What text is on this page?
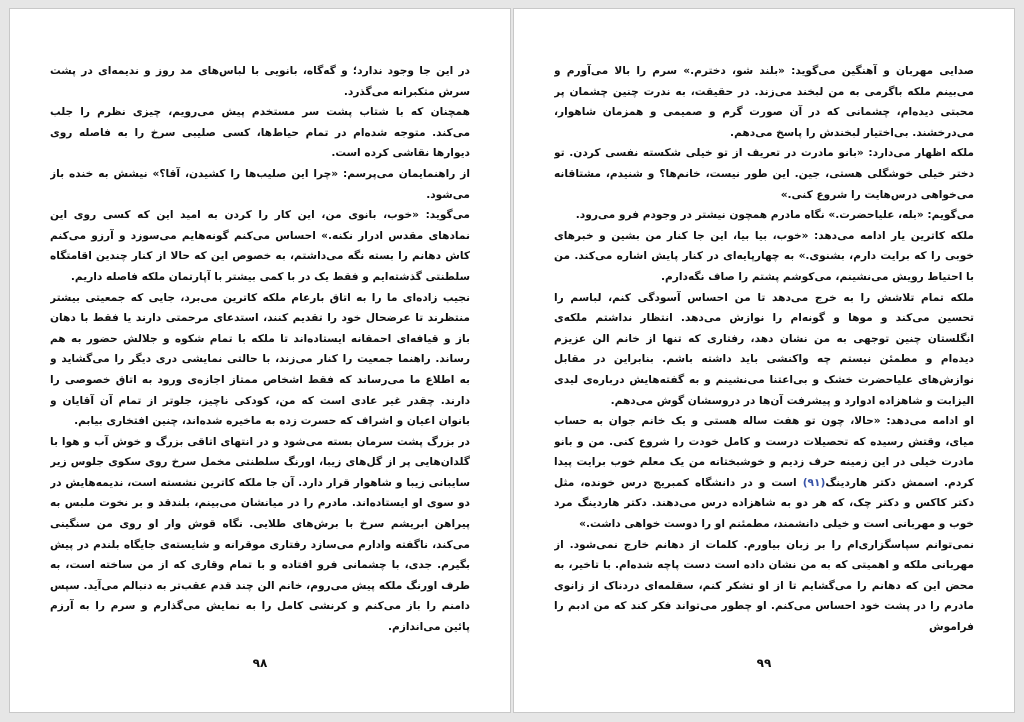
در این جا وجود ندارد؛ و گه‌گاه، بانویی با لباس‌های مد روز و ندیمه‌ای در پشت سرش متکبرانه می‌گذرد.

همچنان که با شتاب پشت سر مستخدم پیش می‌رویم، چیزی نظرم را جلب می‌کند. متوجه شده‌ام در تمام حیاط‌ها، کسی صلیبی سرخ را به فاصله روی دیوارها نقاشی کرده است.

از راهنمایمان می‌پرسم: «چرا این صلیب‌ها را کشیدن، آقا؟» نیشش به خنده باز می‌شود.

می‌گوید: «خوب، بانوی من، این کار را کردن به امید این که کسی روی این نمادهای مقدس ادرار نکنه.» احساس می‌کنم گونه‌هایم می‌سوزد و آرزو می‌کنم کاش دهانم را بسته نگه می‌داشتم، به خصوص این که حالا از کنار چندین اقامتگاه سلطنتی گذشته‌ایم و فقط یک در با کمی بیشتر با آپارتمان ملکه فاصله داریم.

نجیب زاده‌ای ما را به اتاق بارعام ملکه کاترین می‌برد، جایی که جمعیتی بیشتر منتظرند تا عرضحال خود را تقدیم کنند، استدعای مرحمتی دارند یا فقط با دهان باز و قیافه‌ای احمقانه ایستاده‌اند تا ملکه با تمام شکوه و جلالش حضور به هم رساند. راهنما جمعیت را کنار می‌زند، با حالتی نمایشی دری دیگر را می‌گشاید و به اطلاع ما می‌رساند که فقط اشخاص ممتاز اجازه‌ی ورود به اتاق خصوصی را دارند. چقدر غیر عادی است که من، کودکی ناچیز، جلوتر از تمام آن آقایان و بانوان اعیان و اشراف که حسرت زده به ماخیره شده‌اند، چنین افتخاری بیابم.

در بزرگ پشت سرمان بسته می‌شود و در انتهای اتاقی بزرگ و خوش آب و هوا با گلدان‌هایی پر از گل‌های زیبا، اورنگ سلطنتی مخمل سرخ روی سکوی جلوس زیر سایبانی زیبا و شاهوار قرار دارد. آن جا ملکه کاترین نشسته است، ندیمه‌هایش در دو سوی او ایستاده‌اند. مادرم را در میانشان می‌بینم، بلندقد و بر نخوت ملبس به پیراهن ابریشم سرخ با برش‌های طلایی. نگاه قوش وار او روی من سنگینی می‌کند، ناگفته وادارم می‌سازد رفتاری موقرانه و شایسته‌ی جایگاه بلندم در پیش بگیرم. جدی، با چشمانی فرو افتاده و با تمام وقاری که از من ساخته است، به طرف اورنگ ملکه پیش می‌روم، خانم الن چند قدم عقب‌تر به دنبالم می‌آید. سپس دامنم را باز می‌کنم و کرنشی کامل را به نمایش می‌گذارم و سرم را به آرزم پائین می‌اندازم.

۹۸

صدایی مهربان و آهنگین می‌گوید: «بلند شو، دخترم.» سرم را بالا می‌آورم و می‌بینم ملکه باگرمی به من لبخند می‌زند. در حقیقت، به ندرت چنین چشمان پر محبتی دیده‌ام، چشمانی که در آن صورت گرم و صمیمی و همزمان شاهوار، می‌درخشند. بی‌اختیار لبخندش را پاسخ می‌دهم.

ملکه اظهار می‌دارد: «بانو مادرت در تعریف از تو خیلی شکسته نفسی کردن. تو دختر خیلی خوشگلی هستی، جین. این طور نیست، خانم‌ها؟ و شنیدم، مشتاقانه می‌خواهی درس‌هایت را شروع کنی.»

می‌گویم: «بله، علیاحضرت.» نگاه مادرم همچون نیشتر در وجودم فرو می‌رود.

ملکه کاترین یار ادامه می‌دهد: «خوب، بیا بیا، این جا کنار من بشین و خبرهای خوبی را که برایت دارم، بشنوی.» به چهارپایه‌ای در کنار پایش اشاره می‌کند. من با احتیاط رویش می‌نشینم، می‌کوشم پشتم را صاف نگه‌دارم.

ملکه تمام تلاشش را به خرج می‌دهد تا من احساس آسودگی کنم، لباسم را تحسین می‌کند و موها و گونه‌ام را نوازش می‌دهد. انتظار نداشتم ملکه‌ی انگلستان چنین توجهی به من نشان دهد، رفتاری که تنها از خانم الن عزیزم دیده‌ام و مطمئن نیستم چه واکنشی باید داشته باشم. بنابراین در مقابل نوازش‌های علیاحضرت خشک و بی‌اعتنا می‌نشینم و به گفته‌هایش درباره‌ی لیدی الیزابت و شاهزاده ادوارد و پیشرفت آن‌ها در دروسشان گوش می‌دهم.

او ادامه می‌دهد: «حالا، چون تو هفت ساله هستی و یک خانم جوان به حساب میای، وقتش رسیده که تحصیلات درست و کامل خودت را شروع کنی. من و بانو مادرت خیلی در این زمینه حرف زدیم و خوشبختانه من یک معلم خوب برایت پیدا کردم. اسمش دکتر هاردینگ(۹۱) است و در دانشگاه کمبریج درس خونده، مثل دکتر کاکس و دکتر چک، که هر دو به شاهزاده درس می‌دهند. دکتر هاردینگ مرد خوب و مهربانی است و خیلی دانشمند، مطمئنم او را دوست خواهی داشت.»

نمی‌توانم سپاسگزاری‌ام را بر زبان بیاورم. کلمات از دهانم خارج نمی‌شود. از مهربانی ملکه و اهمیتی که به من نشان داده است دست پاچه شده‌ام. با تاخیر، به محض این که دهانم را می‌گشایم تا از او تشکر کنم، سقلمه‌ای دردناک از زانوی مادرم را در پشت خود احساس می‌کنم. او چطور می‌تواند فکر کند که من ادبم را فراموش

۹۹
